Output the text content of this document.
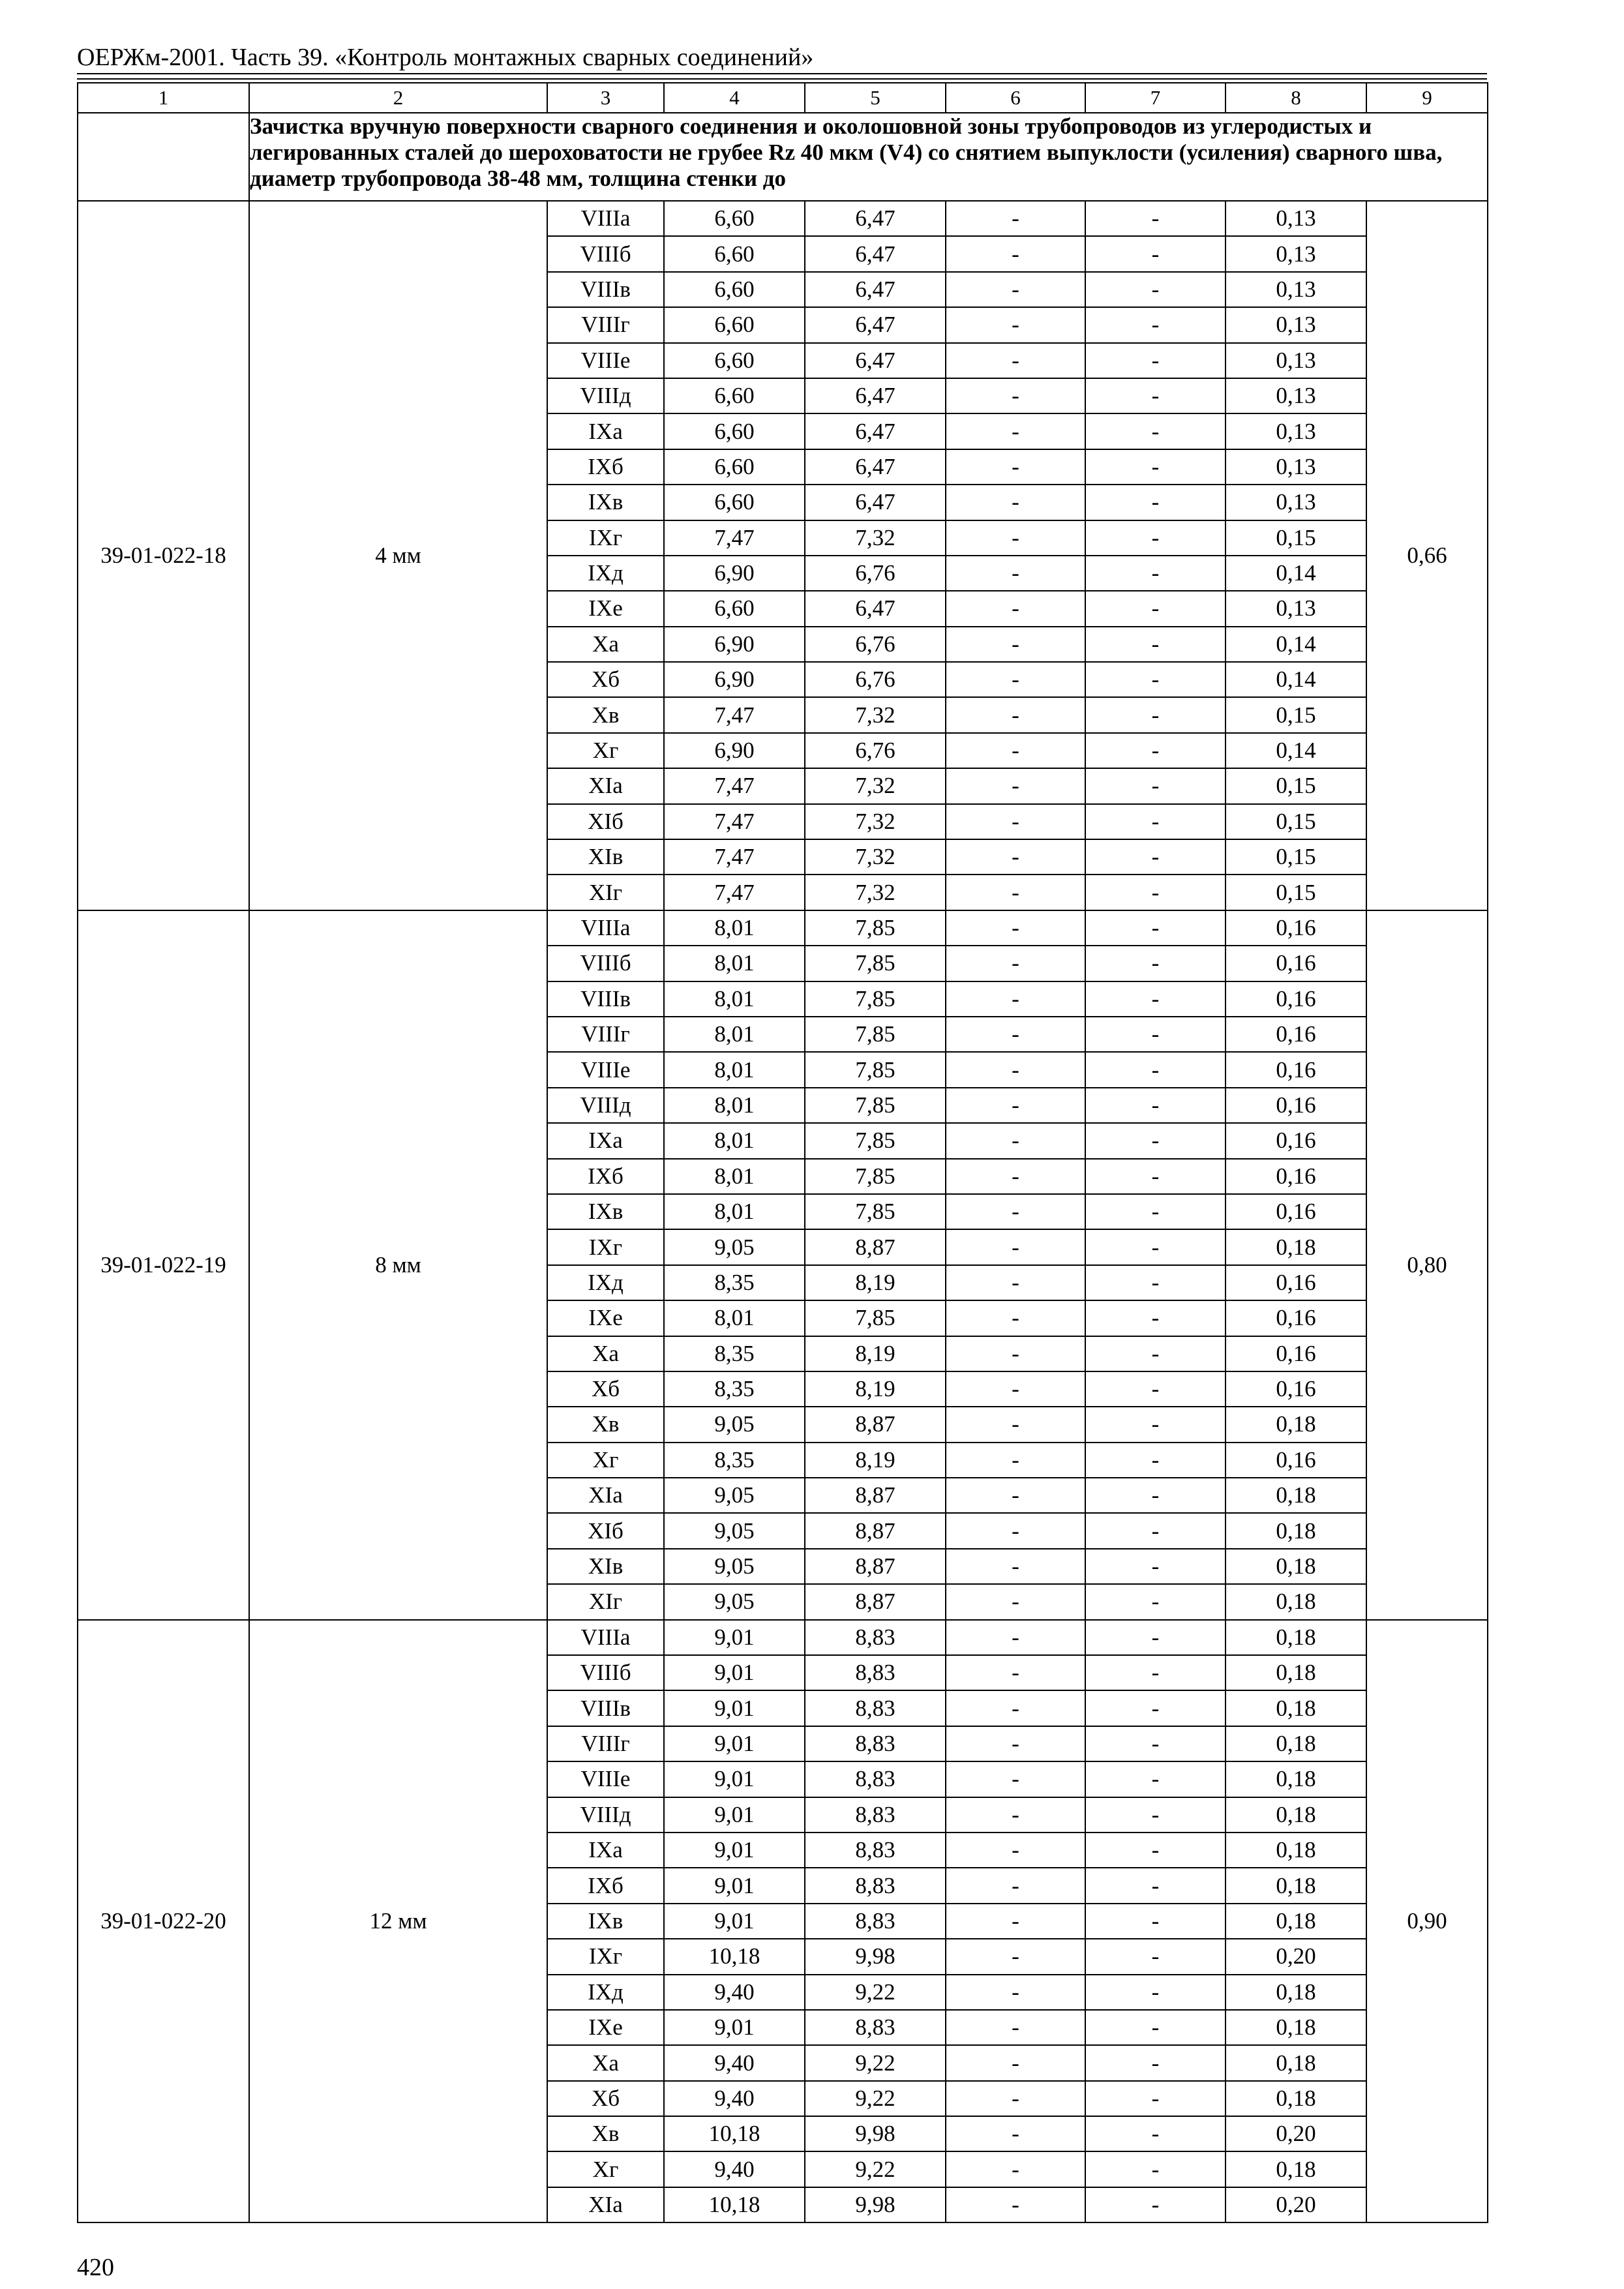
ОЕРЖм-2001. Часть 39. «Контроль монтажных сварных соединений»
1	2	3	4	5	6	7	8	9
	Зачистка вручную поверхности сварного соединения и околошовной зоны трубопроводов из углеродистых и легированных сталей до шероховатости не грубее Rz 40 мкм (V4) со снятием выпуклости (усиления) сварного шва, диаметр трубопровода 38-48 мм, толщина стенки до							
39-01-022-18	4 мм	VIIIа	6,60	6,47	-	-	0,13	0,66
		VIIIб	6,60	6,47	-	-	0,13	
		VIIIв	6,60	6,47	-	-	0,13	
		VIIIг	6,60	6,47	-	-	0,13	
		VIIIе	6,60	6,47	-	-	0,13	
		VIIIд	6,60	6,47	-	-	0,13	
		IXа	6,60	6,47	-	-	0,13	
		IXб	6,60	6,47	-	-	0,13	
		IXв	6,60	6,47	-	-	0,13	
		IXг	7,47	7,32	-	-	0,15	
		IXд	6,90	6,76	-	-	0,14	
		IXе	6,60	6,47	-	-	0,13	
		Xа	6,90	6,76	-	-	0,14	
		Xб	6,90	6,76	-	-	0,14	
		Xв	7,47	7,32	-	-	0,15	
		Xг	6,90	6,76	-	-	0,14	
		XIа	7,47	7,32	-	-	0,15	
		XIб	7,47	7,32	-	-	0,15	
		XIв	7,47	7,32	-	-	0,15	
		XIг	7,47	7,32	-	-	0,15	
39-01-022-19	8 мм	VIIIа	8,01	7,85	-	-	0,16	0,80
		VIIIб	8,01	7,85	-	-	0,16	
		VIIIв	8,01	7,85	-	-	0,16	
		VIIIг	8,01	7,85	-	-	0,16	
		VIIIе	8,01	7,85	-	-	0,16	
		VIIIд	8,01	7,85	-	-	0,16	
		IXа	8,01	7,85	-	-	0,16	
		IXб	8,01	7,85	-	-	0,16	
		IXв	8,01	7,85	-	-	0,16	
		IXг	9,05	8,87	-	-	0,18	
		IXд	8,35	8,19	-	-	0,16	
		IXе	8,01	7,85	-	-	0,16	
		Xа	8,35	8,19	-	-	0,16	
		Xб	8,35	8,19	-	-	0,16	
		Xв	9,05	8,87	-	-	0,18	
		Xг	8,35	8,19	-	-	0,16	
		XIа	9,05	8,87	-	-	0,18	
		XIб	9,05	8,87	-	-	0,18	
		XIв	9,05	8,87	-	-	0,18	
		XIг	9,05	8,87	-	-	0,18	
39-01-022-20	12 мм	VIIIа	9,01	8,83	-	-	0,18	0,90
		VIIIб	9,01	8,83	-	-	0,18	
		VIIIв	9,01	8,83	-	-	0,18	
		VIIIг	9,01	8,83	-	-	0,18	
		VIIIе	9,01	8,83	-	-	0,18	
		VIIIд	9,01	8,83	-	-	0,18	
		IXа	9,01	8,83	-	-	0,18	
		IXб	9,01	8,83	-	-	0,18	
		IXв	9,01	8,83	-	-	0,18	
		IXг	10,18	9,98	-	-	0,20	
		IXд	9,40	9,22	-	-	0,18	
		IXе	9,01	8,83	-	-	0,18	
		Xа	9,40	9,22	-	-	0,18	
		Xб	9,40	9,22	-	-	0,18	
		Xв	10,18	9,98	-	-	0,20	
		Xг	9,40	9,22	-	-	0,18	
		XIа	10,18	9,98	-	-	0,20	
420
